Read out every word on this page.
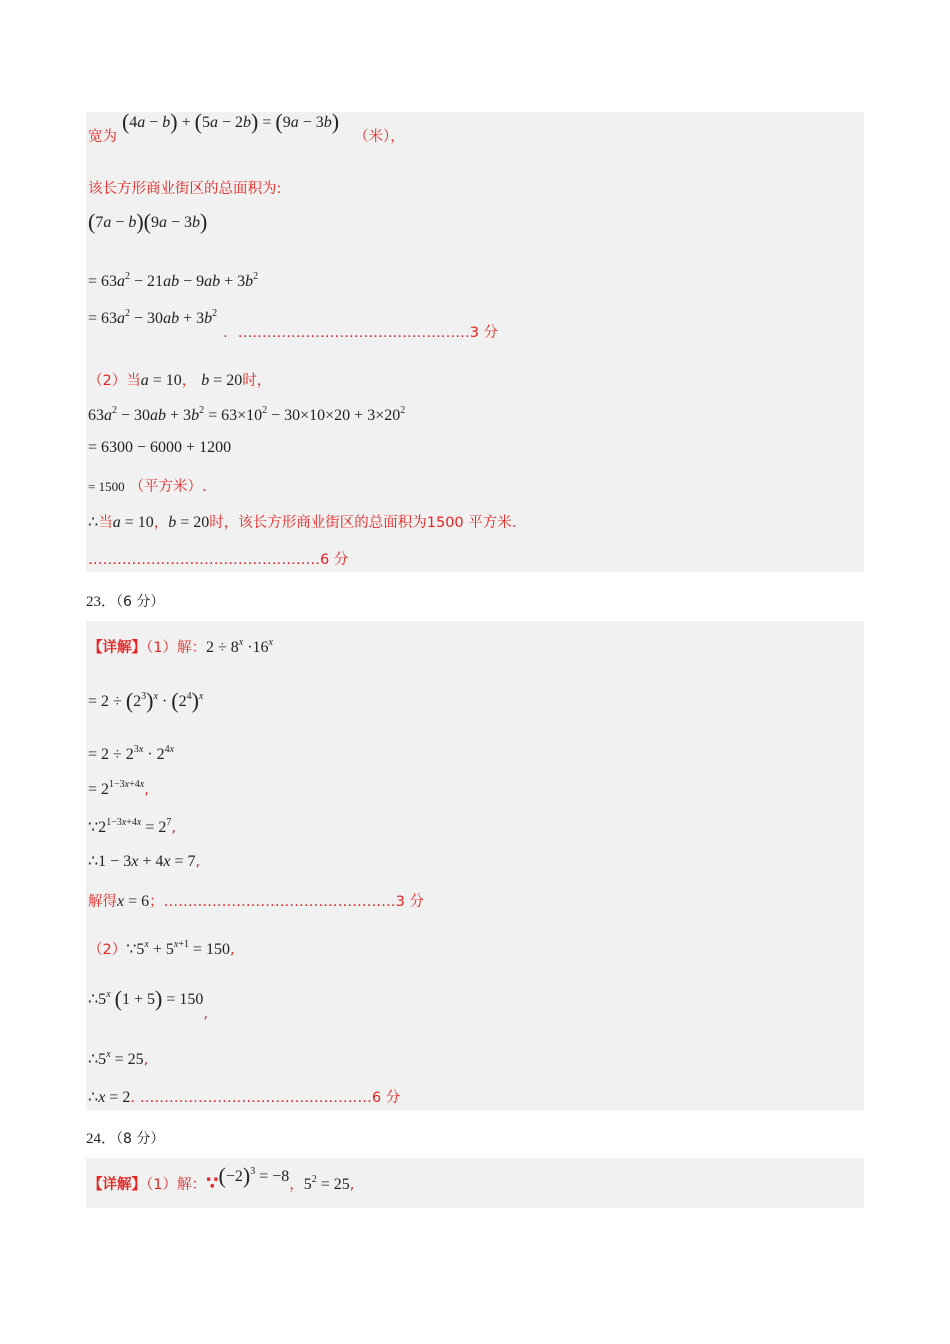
宽为 (4a − b) + (5a − 2b) = (9a − 3b) （米），
该长方形商业街区的总面积为:
(7a − b)(9a − 3b)
= $63a^2 - 21ab - 9ab + 3b^2$
= $63a^2 - 30ab + 3b^2$. …………………………………………3 分
（2）当a = 10， b = 20时，
$63a^2 - 30ab + 3b^2 = 63\times 10^2 - 30\times 10\times 20 + 3\times 20^2$
= 6300 − 6000 + 1200
= 1500 （平方米）.
∴当a = 10，b = 20时，该长方形商业街区的总面积为1500 平方米.
…………………………………………6 分
23．（6 分）
【详解】（1）解：$2 \div 8^x \cdot 16^x$
= $2 \div (2^3)^x \cdot (2^4)^x$
= $2 \div 2^{3x} \cdot 2^{4x}$
= $2^{1-3x+4x}$,
$\because 2^{1-3x+4x} = 2^7$,
∴1 − 3x + 4x = 7,
解得x = 6；…………………………………………3 分
$(2)\because 5^x + 5^{x+1} = 150$,
∴5$^x$ (1 + 5) = 150,
$\therefore 5^x = 25$,
∴x = 2. …………………………………………6 分
24．（8 分）
【详解】（1）解：$\because(-2)^3 = -8$，$5^2 = 25$,
